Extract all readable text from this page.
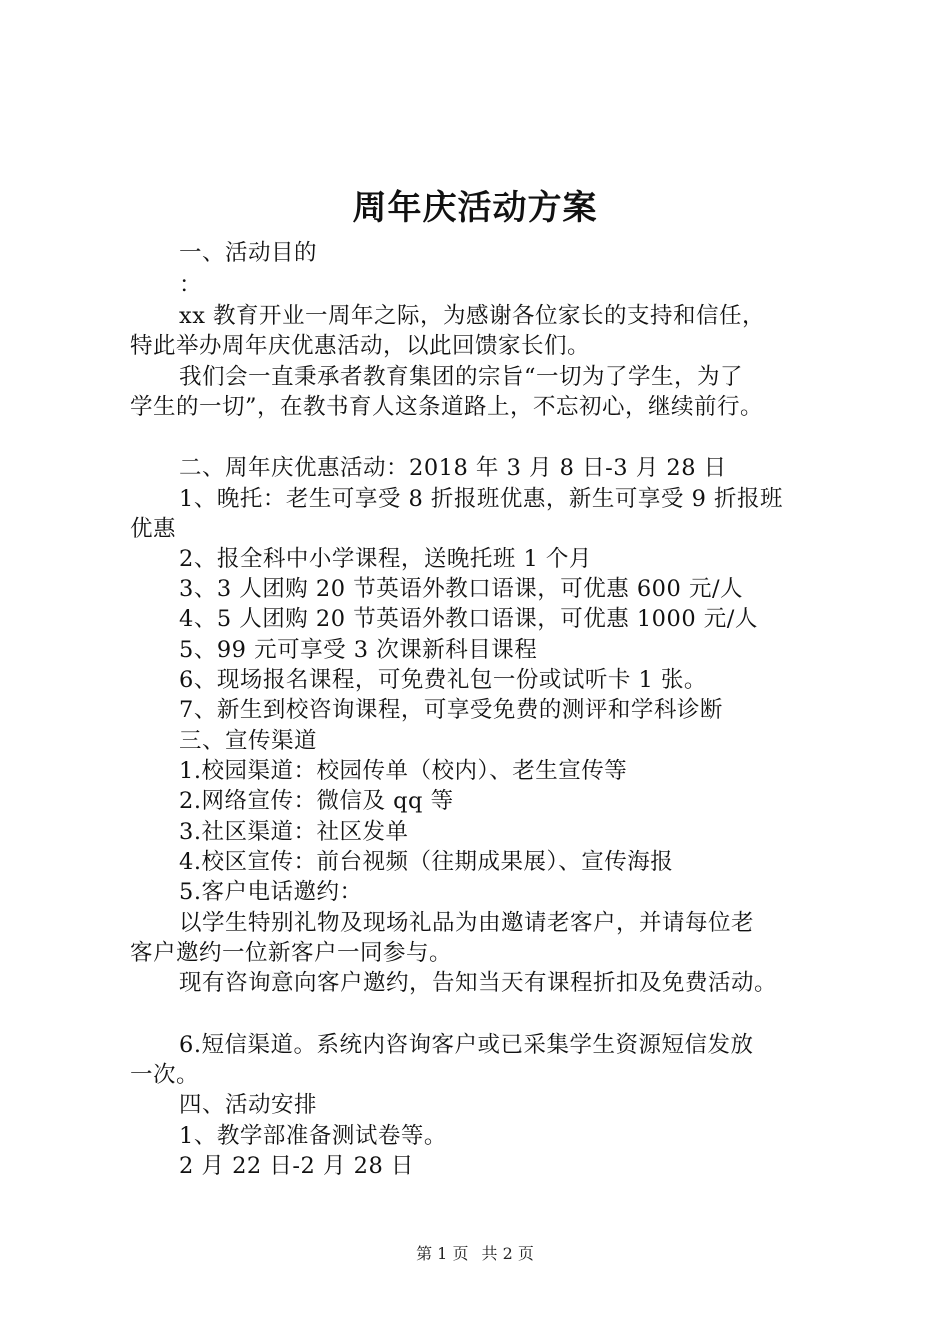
周年庆活动方案
一、活动目的
：
xx 教育开业一周年之际，为感谢各位家长的支持和信任，
特此举办周年庆优惠活动，以此回馈家长们。
我们会一直秉承者教育集团的宗旨“一切为了学生，为了
学生的一切”，在教书育人这条道路上，不忘初心，继续前行。
二、周年庆优惠活动：2018 年 3 月 8 日-3 月 28 日
1、晚托：老生可享受 8 折报班优惠，新生可享受 9 折报班
优惠
2、报全科中小学课程，送晚托班 1 个月
3、3 人团购 20 节英语外教口语课，可优惠 600 元/人
4、5 人团购 20 节英语外教口语课，可优惠 1000 元/人
5、99 元可享受 3 次课新科目课程
6、现场报名课程，可免费礼包一份或试听卡 1 张。
7、新生到校咨询课程，可享受免费的测评和学科诊断
三、宣传渠道
1.校园渠道：校园传单（校内）、老生宣传等
2.网络宣传：微信及 qq 等
3.社区渠道：社区发单
4.校区宣传：前台视频（往期成果展）、宣传海报
5.客户电话邀约：
以学生特别礼物及现场礼品为由邀请老客户，并请每位老
客户邀约一位新客户一同参与。
现有咨询意向客户邀约，告知当天有课程折扣及免费活动。
6.短信渠道。系统内咨询客户或已采集学生资源短信发放
一次。
四、活动安排
1、教学部准备测试卷等。
2 月 22 日-2 月 28 日
第 1 页 共 2 页
